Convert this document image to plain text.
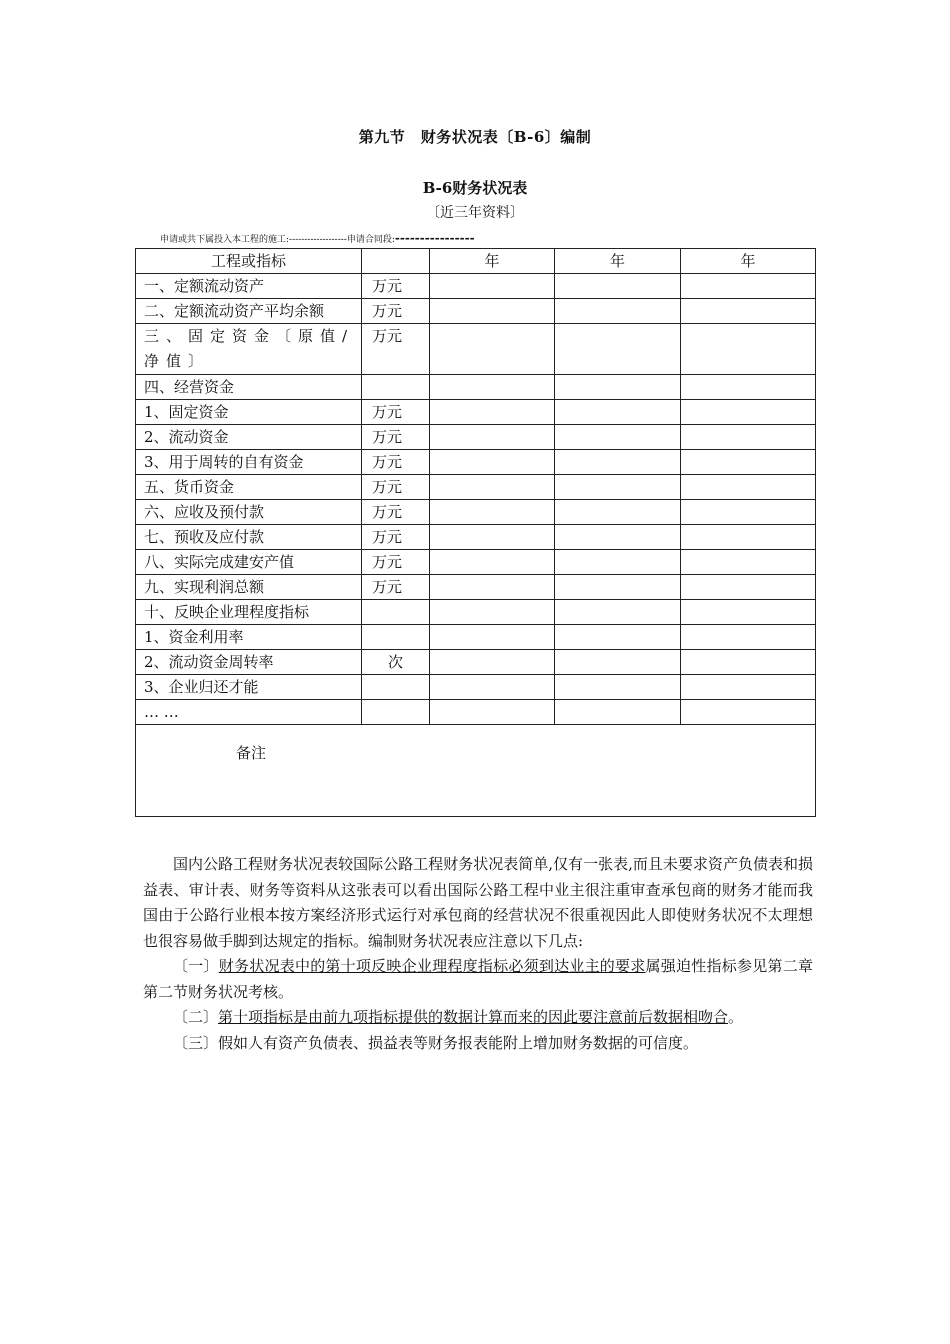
第九节　财务状况表〔B-6〕编制
B-6财务状况表
〔近三年资料〕
申请或共下属投入本工程的施工:-------------------申请合同段:----------------
工程或指标		年	年	年
一、定额流动资产	万元			
二、定额流动资产平均余额	万元			
三、固定资金〔原值/净值〕	万元			
四、经营资金				
1、固定资金	万元			
2、流动资金	万元			
3、用于周转的自有资金	万元			
五、货币资金	万元			
六、应收及预付款	万元			
七、预收及应付款	万元			
八、实际完成建安产值	万元			
九、实现利润总额	万元			
十、反映企业理程度指标				
1、资金利用率				
2、流动资金周转率	次			
3、企业归还才能				
… …				
备注				

国内公路工程财务状况表较国际公路工程财务状况表简单,仅有一张表,而且未要求资产负债表和损益表、审计表、财务等资料从这张表可以看出国际公路工程中业主很注重审查承包商的财务才能而我国由于公路行业根本按方案经济形式运行对承包商的经营状况不很重视因此人即使财务状况不太理想也很容易做手脚到达规定的指标。编制财务状况表应注意以下几点:

〔一〕财务状况表中的第十项反映企业理程度指标必须到达业主的要求属强迫性指标参见第二章第二节财务状况考核。

〔二〕第十项指标是由前九项指标提供的数据计算而来的因此要注意前后数据相吻合。

〔三〕假如人有资产负债表、损益表等财务报表能附上增加财务数据的可信度。
